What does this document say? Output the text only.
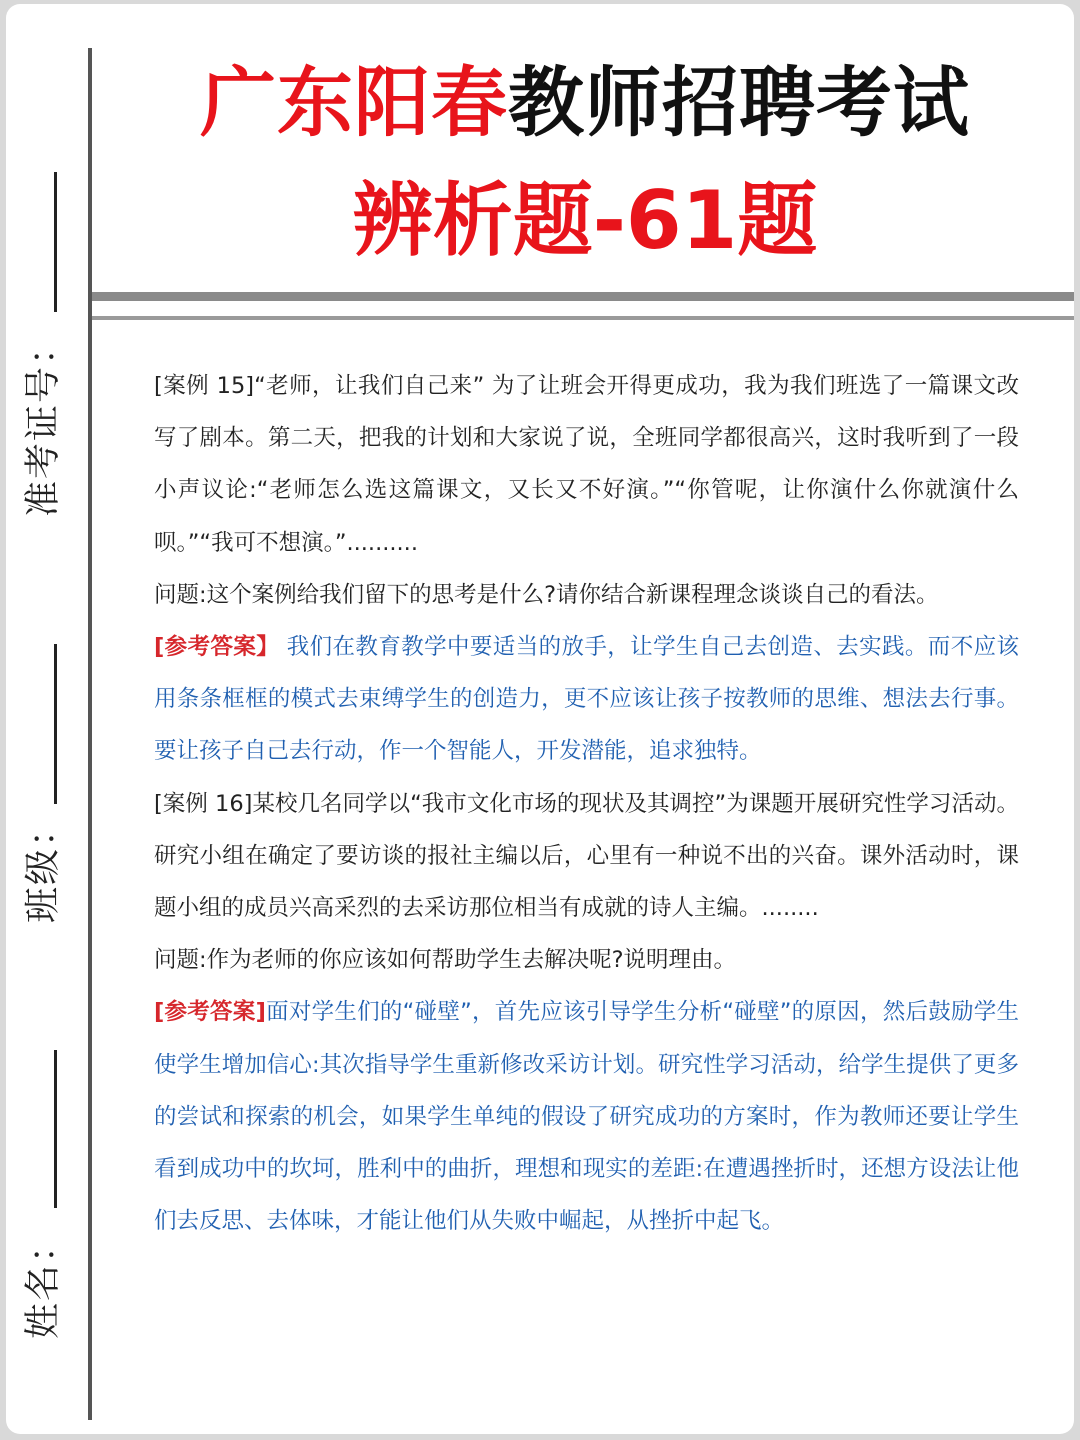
准考证号：
班级：
姓名：
广东阳春教师招聘考试
辨析题-61题

[案例 15]“老师，让我们自己来” 为了让班会开得更成功，我为我们班选了一篇课文改写了剧本。第二天，把我的计划和大家说了说，全班同学都很高兴，这时我听到了一段小声议论:“老师怎么选这篇课文，又长又不好演。”“你管呢，让你演什么你就演什么呗。”“我可不想演。”..........

问题:这个案例给我们留下的思考是什么?请你结合新课程理念谈谈自己的看法。

[参考答案】 我们在教育教学中要适当的放手，让学生自己去创造、去实践。而不应该用条条框框的模式去束缚学生的创造力，更不应该让孩子按教师的思维、想法去行事。要让孩子自己去行动，作一个智能人，开发潜能，追求独特。

[案例 16]某校几名同学以“我市文化市场的现状及其调控”为课题开展研究性学习活动。研究小组在确定了要访谈的报社主编以后，心里有一种说不出的兴奋。课外活动时，课题小组的成员兴高采烈的去采访那位相当有成就的诗人主编。........

问题:作为老师的你应该如何帮助学生去解决呢?说明理由。

[参考答案]面对学生们的“碰壁”，首先应该引导学生分析“碰壁”的原因，然后鼓励学生使学生增加信心:其次指导学生重新修改采访计划。研究性学习活动，给学生提供了更多的尝试和探索的机会，如果学生单纯的假设了研究成功的方案时，作为教师还要让学生看到成功中的坎坷，胜利中的曲折，理想和现实的差距:在遭遇挫折时，还想方设法让他们去反思、去体味，才能让他们从失败中崛起，从挫折中起飞。
